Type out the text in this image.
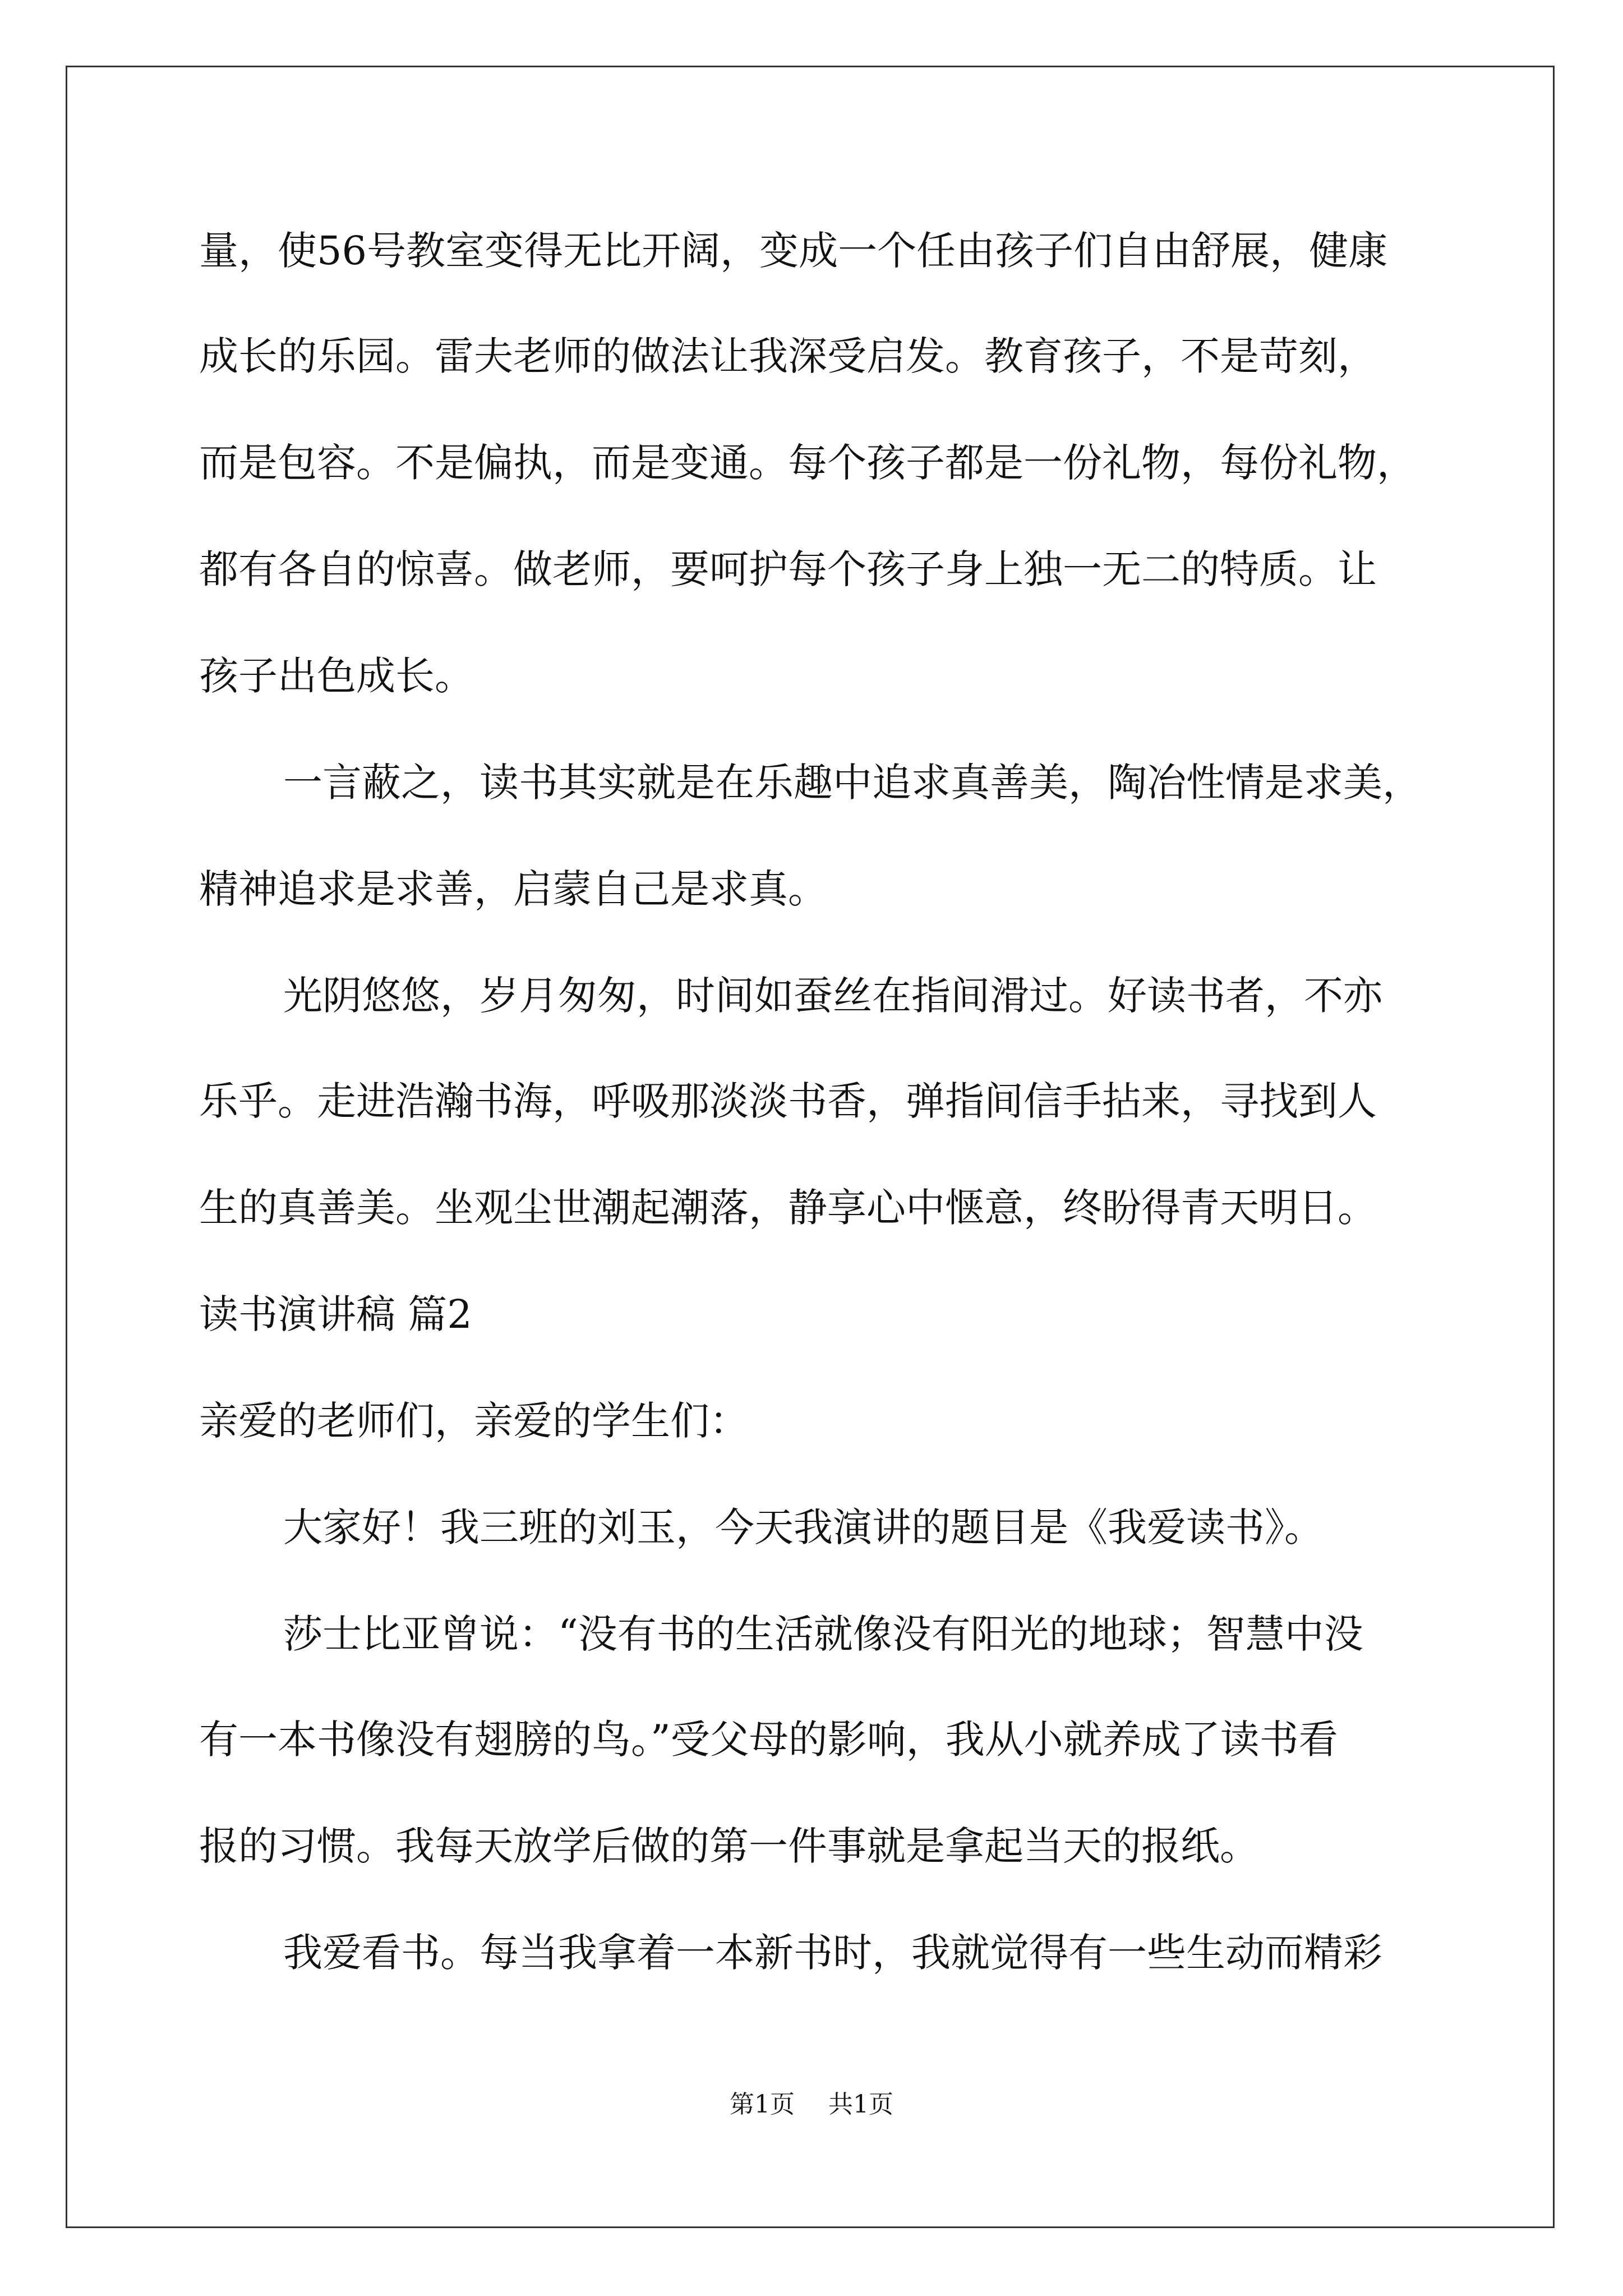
量，使56号教室变得无比开阔，变成一个任由孩子们自由舒展，健康
成长的乐园。雷夫老师的做法让我深受启发。教育孩子，不是苛刻，
而是包容。不是偏执，而是变通。每个孩子都是一份礼物，每份礼物，
都有各自的惊喜。做老师，要呵护每个孩子身上独一无二的特质。让
孩子出色成长。
一言蔽之，读书其实就是在乐趣中追求真善美，陶冶性情是求美，
精神追求是求善，启蒙自己是求真。
光阴悠悠，岁月匆匆，时间如蚕丝在指间滑过。好读书者，不亦
乐乎。走进浩瀚书海，呼吸那淡淡书香，弹指间信手拈来，寻找到人
生的真善美。坐观尘世潮起潮落，静享心中惬意，终盼得青天明日。
读书演讲稿 篇2
亲爱的老师们，亲爱的学生们：
大家好！我三班的刘玉，今天我演讲的题目是《我爱读书》。
莎士比亚曾说：“没有书的生活就像没有阳光的地球；智慧中没
有一本书像没有翅膀的鸟。”受父母的影响，我从小就养成了读书看
报的习惯。我每天放学后做的第一件事就是拿起当天的报纸。
我爱看书。每当我拿着一本新书时，我就觉得有一些生动而精彩
第1页 共1页
